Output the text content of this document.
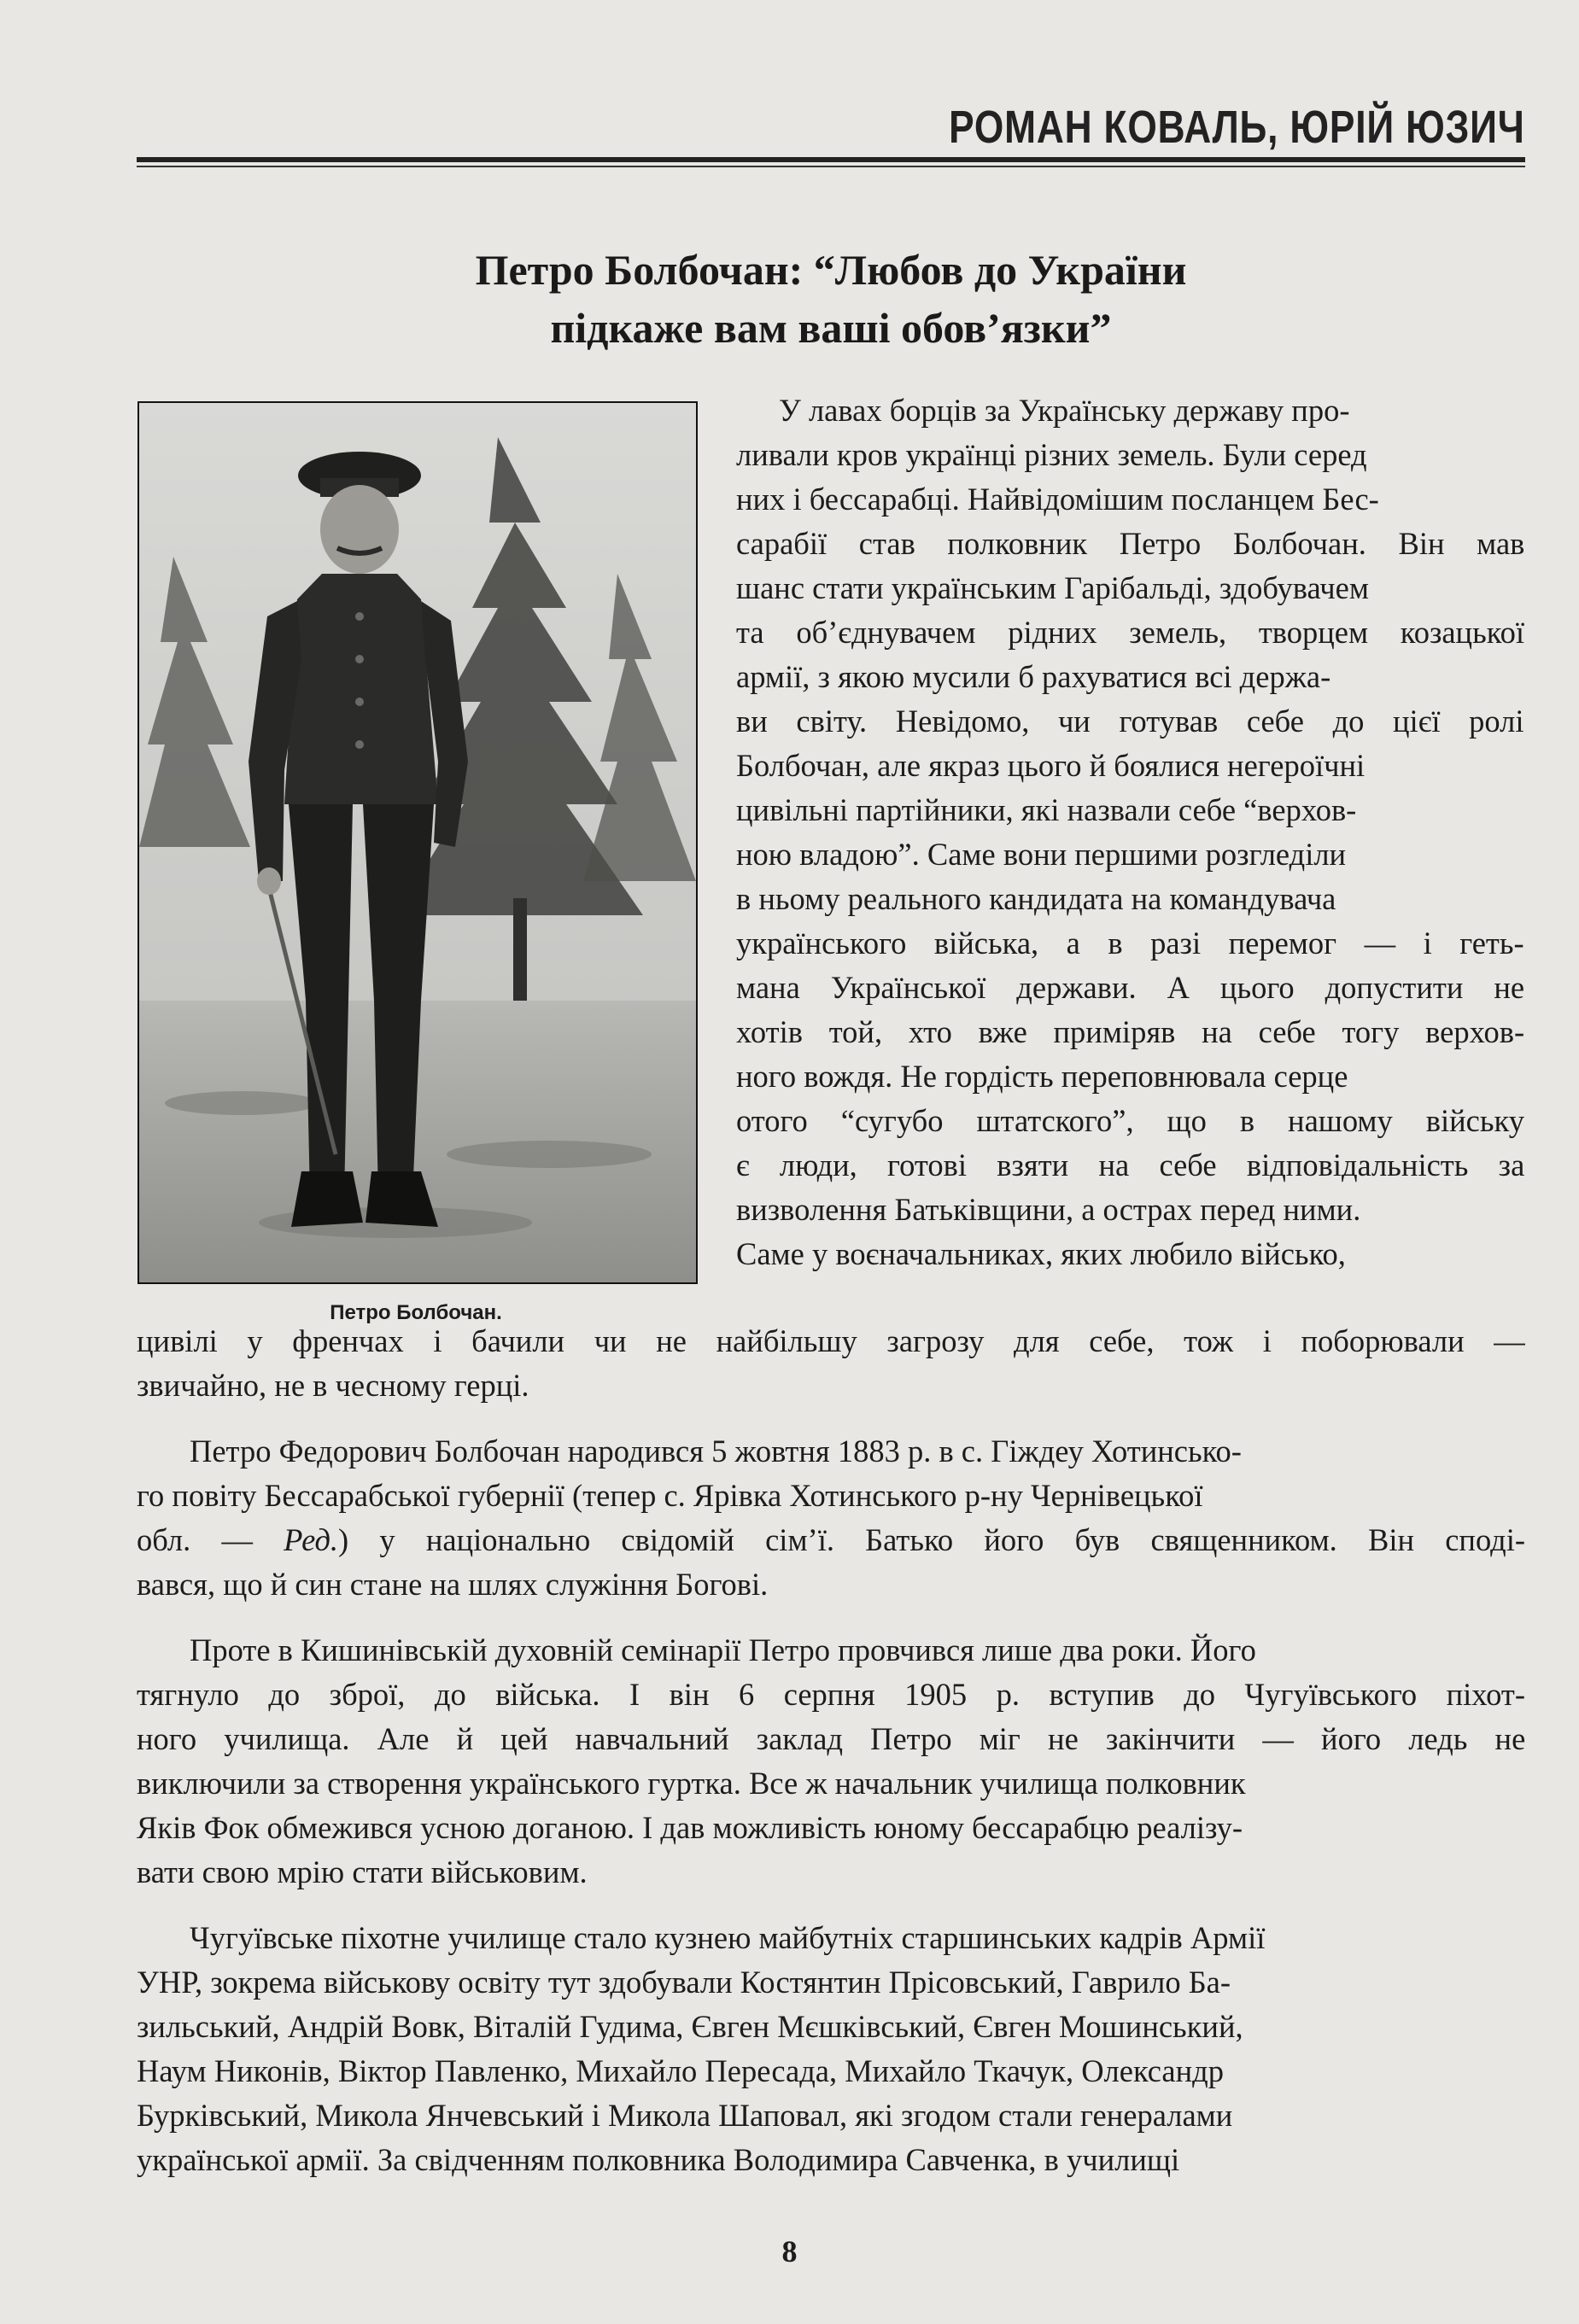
РОМАН КОВАЛЬ, ЮРІЙ ЮЗИЧ
Петро Болбочан: “Любов до України
підкаже вам ваші обов’язки”
Петро Болбочан.
У лавах борців за Українську державу про-
ливали кров українці різних земель. Були серед
них і бессарабці. Найвідомішим посланцем Бес-
сарабії став полковник Петро Болбочан. Він мав
шанс стати українським Гарібальді, здобувачем
та об’єднувачем рідних земель, творцем козацької
армії, з якою мусили б рахуватися всі держа-
ви світу. Невідомо, чи готував себе до цієї ролі
Болбочан, але якраз цього й боялися негероїчні
цивільні партійники, які назвали себе “верхов-
ною владою”. Саме вони першими розгледіли
в ньому реального кандидата на командувача
українського війська, а в разі перемог — і геть-
мана Української держави. А цього допустити не
хотів той, хто вже приміряв на себе тогу верхов-
ного вождя. Не гордість переповнювала серце
отого “сугубо штатского”, що в нашому війську
є люди, готові взяти на себе відповідальність за
визволення Батьківщини, а острах перед ними.
Саме у воєначальниках, яких любило військо,
цивілі у френчах і бачили чи не найбільшу загрозу для себе, тож і поборювали —
звичайно, не в чесному герці.
Петро Федорович Болбочан народився 5 жовтня 1883 р. в с. Гіждеу Хотинсько-
го повіту Бессарабської губернії (тепер с. Ярівка Хотинського р-ну Чернівецької
обл. — Ред.) у національно свідомій сім’ї. Батько його був священником. Він споді-
вався, що й син стане на шлях служіння Богові.
Проте в Кишинівській духовній семінарії Петро провчився лише два роки. Його
тягнуло до зброї, до війська. І він 6 серпня 1905 р. вступив до Чугуївського піхот-
ного училища. Але й цей навчальний заклад Петро міг не закінчити — його ледь не
виключили за створення українського гуртка. Все ж начальник училища полковник
Яків Фок обмежився усною доганою. І дав можливість юному бессарабцю реалізу-
вати свою мрію стати військовим.
Чугуївське піхотне училище стало кузнею майбутніх старшинських кадрів Армії
УНР, зокрема військову освіту тут здобували Костянтин Прісовський, Гаврило Ба-
зильський, Андрій Вовк, Віталій Гудима, Євген Мєшківський, Євген Мошинський,
Наум Никонів, Віктор Павленко, Михайло Пересада, Михайло Ткачук, Олександр
Бурківський, Микола Янчевський і Микола Шаповал, які згодом стали генералами
української армії. За свідченням полковника Володимира Савченка, в училищі
8
